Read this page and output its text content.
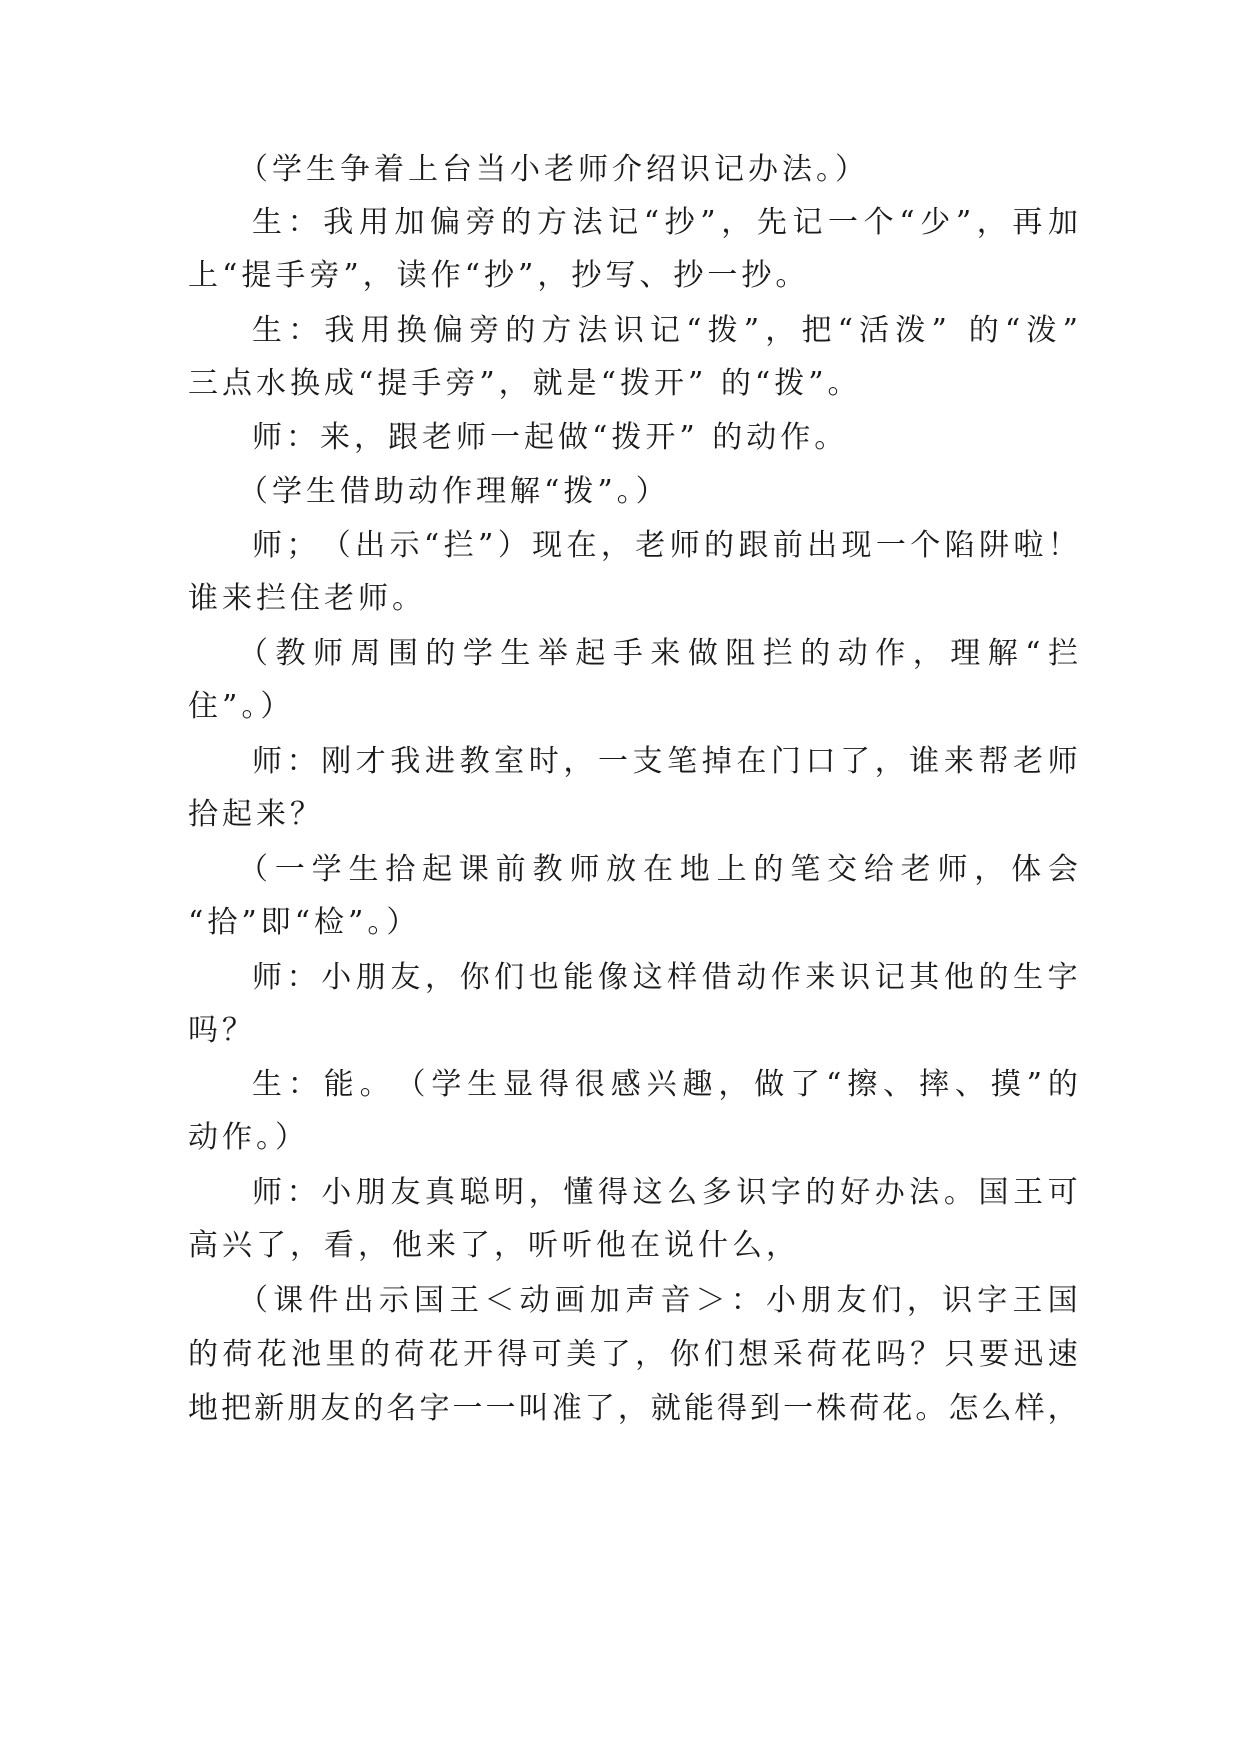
（学生争着上台当小老师介绍识记办法。）
生 ： 我 用 加 偏 旁 的 方 法 记 “ 抄 ” ， 先 记 一 个 “ 少 ” ， 再 加
上“提手旁”，读作“抄”，抄写、抄一抄。
生 ： 我 用 换 偏 旁 的 方 法 识 记 “ 拨 ” ， 把 “ 活 泼 ”
的 “ 泼 ”
三点水换成“提手旁”，就是“拨开” 的“拨”。
师：来，跟老师一起做“拨开” 的动作。
（学生借助动作理解“拨”。）
师 ； （ 出 示 “ 拦 ” ） 现 在 ， 老 师 的 跟 前 出 现 一 个 陷 阱 啦 ！
谁来拦住老师。
（ 教 师 周 围 的 学 生 举 起 手 来 做 阻 拦 的 动 作 ， 理 解 “ 拦
住”。）
师 ： 刚 才 我 进 教 室 时 ， 一 支 笔 掉 在 门 口 了 ， 谁 来 帮 老 师
拾起来？
（ 一 学 生 拾 起 课 前 教 师 放 在 地 上 的 笔 交 给 老 师 ， 体 会
“拾”即“检”。）
师 ： 小 朋 友 ， 你 们 也 能 像 这 样 借 动 作 来 识 记 其 他 的 生 字
吗？
生 ： 能 。 （ 学 生 显 得 很 感 兴 趣 ， 做 了 “ 擦 、 摔 、 摸 ” 的
动作。）
师 ： 小 朋 友 真 聪 明 ， 懂 得 这 么 多 识 字 的 好 办 法 。 国 王 可
高兴了，看，他来了，听听他在说什么，
（ 课 件 出 示 国 王 ＜ 动 画 加 声 音 ＞ ： 小 朋 友 们 ， 识 字 王 国
的 荷 花 池 里 的 荷 花 开 得 可 美 了 ， 你 们 想 采 荷 花 吗 ？ 只 要 迅 速
地 把 新 朋 友 的 名 字 一 一 叫 准 了 ， 就 能 得 到 一 株 荷 花 。 怎 么 样 ，
